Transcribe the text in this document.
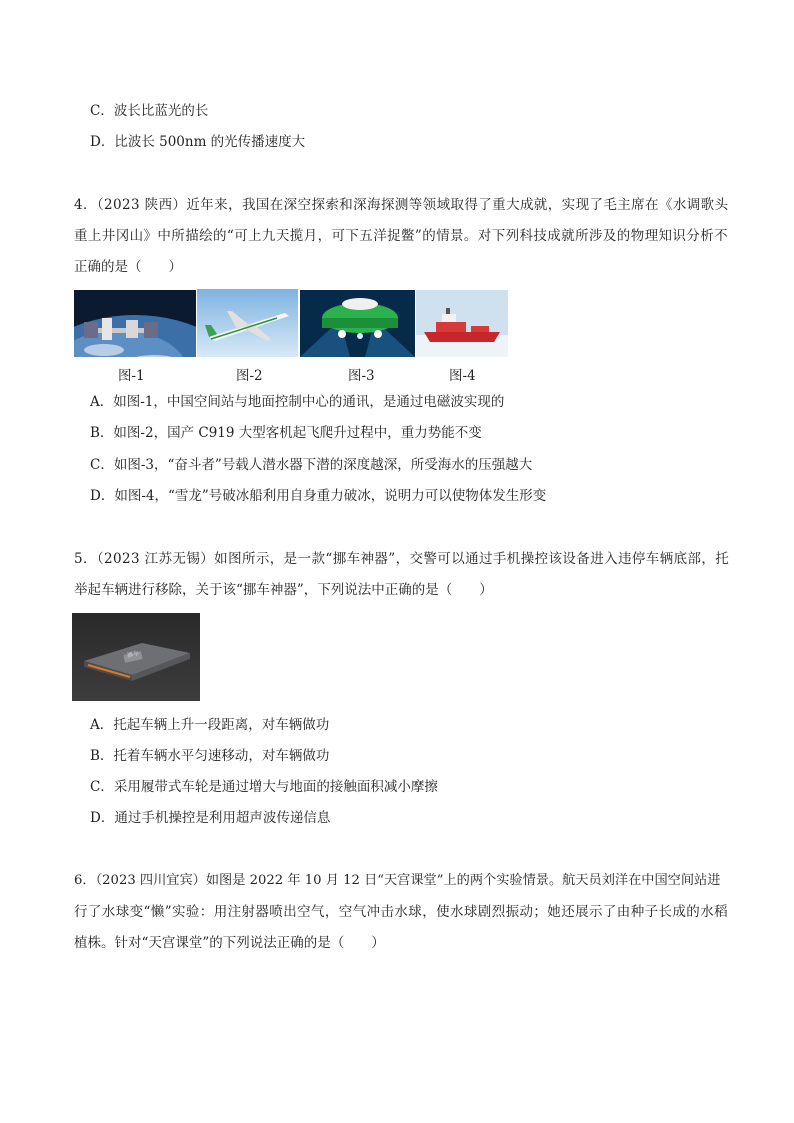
C．波长比蓝光的长
D．比波长 500nm 的光传播速度大
4．（2023 陕西）近年来，我国在深空探索和深海探测等领域取得了重大成就，实现了毛主席在《水调歌头
重上井冈山》中所描绘的“可上九天揽月，可下五洋捉鳖”的情景。对下列科技成就所涉及的物理知识分析不
正确的是（　　）
图-1	图-2	图-3	图-4
A．如图-1，中国空间站与地面控制中心的通讯，是通过电磁波实现的
B．如图-2，国产 C919 大型客机起飞爬升过程中，重力势能不变
C．如图-3，“奋斗者”号载人潜水器下潜的深度越深，所受海水的压强越大
D．如图-4，“雪龙”号破冰船利用自身重力破冰，说明力可以使物体发生形变
5．（2023 江苏无锡）如图所示，是一款“挪车神器”，交警可以通过手机操控该设备进入违停车辆底部，托
举起车辆进行移除，关于该“挪车神器”，下列说法中正确的是（　　）
挪车
A．托起车辆上升一段距离，对车辆做功
B．托着车辆水平匀速移动，对车辆做功
C．采用履带式车轮是通过增大与地面的接触面积减小摩擦
D．通过手机操控是利用超声波传递信息
6．（2023 四川宜宾）如图是 2022 年 10 月 12 日“天宫课堂”上的两个实验情景。航天员刘洋在中国空间站进
行了水球变“懒”实验：用注射器喷出空气，空气冲击水球，使水球剧烈振动；她还展示了由种子长成的水稻
植株。针对“天宫课堂”的下列说法正确的是（　　）
